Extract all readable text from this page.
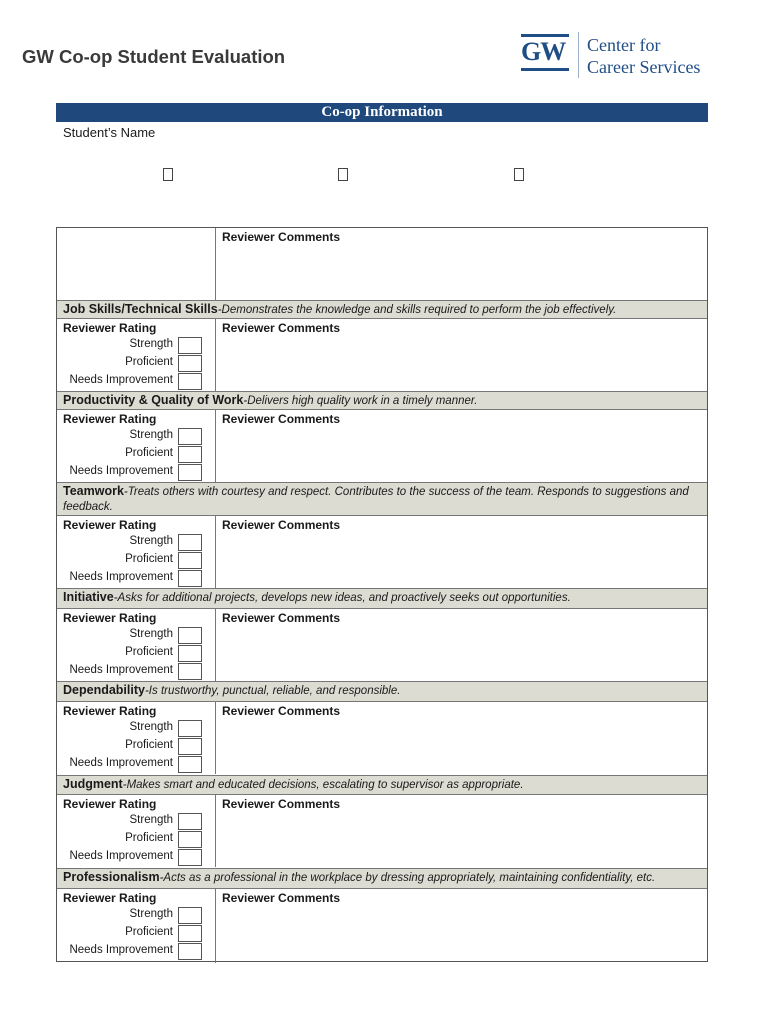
GW Co-op Student Evaluation	GW Center for
Career Services
Co-op Information
Student’s Name
Reviewer Comments
Job Skills/Technical Skills-Demonstrates the knowledge and skills required to perform the job effectively.
Reviewer Rating	Reviewer Comments
Strength
Proficient
Needs Improvement
Productivity & Quality of Work-Delivers high quality work in a timely manner.
Reviewer Rating	Reviewer Comments
Strength
Proficient
Needs Improvement
Teamwork-Treats others with courtesy and respect. Contributes to the success of the team. Responds to suggestions and feedback.
Reviewer Rating	Reviewer Comments
Strength
Proficient
Needs Improvement
Initiative-Asks for additional projects, develops new ideas, and proactively seeks out opportunities.
Reviewer Rating	Reviewer Comments
Strength
Proficient
Needs Improvement
Dependability-Is trustworthy, punctual, reliable, and responsible.
Reviewer Rating	Reviewer Comments
Strength
Proficient
Needs Improvement
Judgment-Makes smart and educated decisions, escalating to supervisor as appropriate.
Reviewer Rating	Reviewer Comments
Strength
Proficient
Needs Improvement
Professionalism-Acts as a professional in the workplace by dressing appropriately, maintaining confidentiality, etc.
Reviewer Rating	Reviewer Comments
Strength
Proficient
Needs Improvement
